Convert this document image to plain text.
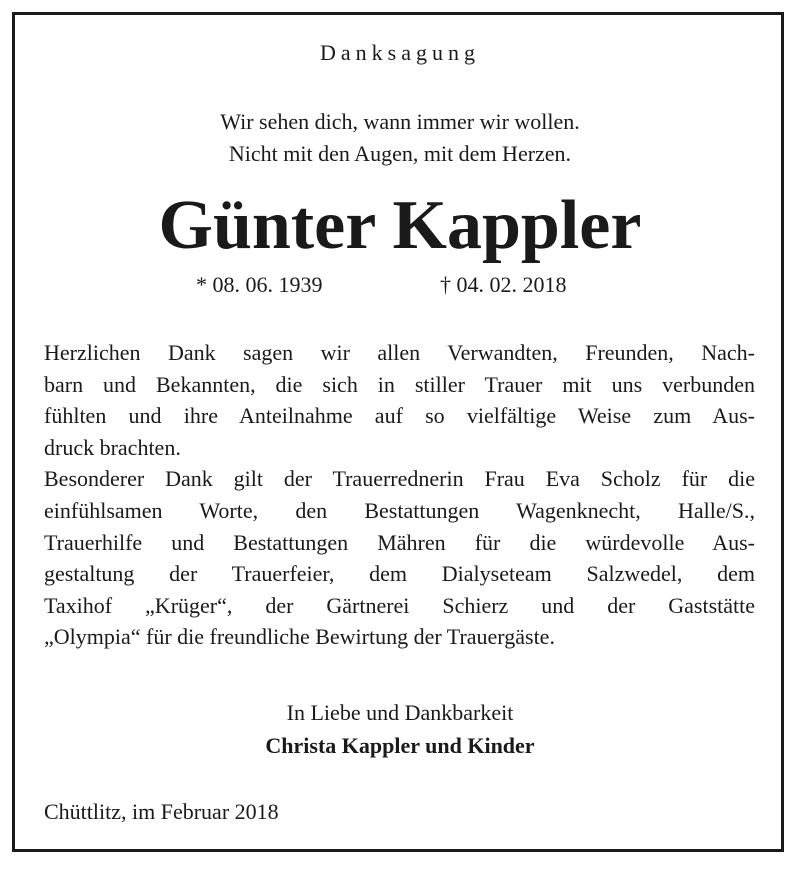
Danksagung
Wir sehen dich, wann immer wir wollen.
Nicht mit den Augen, mit dem Herzen.
Günter Kappler
* 08. 06. 1939	† 04. 02. 2018
Herzlichen Dank sagen wir allen Verwandten, Freunden, Nach-
barn und Bekannten, die sich in stiller Trauer mit uns verbunden
fühlten und ihre Anteilnahme auf so vielfältige Weise zum Aus-
druck brachten.
Besonderer Dank gilt der Trauerrednerin Frau Eva Scholz für die
einfühlsamen Worte, den Bestattungen Wagenknecht, Halle/S.,
Trauerhilfe und Bestattungen Mähren für die würdevolle Aus-
gestaltung der Trauerfeier, dem Dialyseteam Salzwedel, dem
Taxihof „Krüger“, der Gärtnerei Schierz und der Gaststätte
„Olympia“ für die freundliche Bewirtung der Trauergäste.
In Liebe und Dankbarkeit
Christa Kappler und Kinder
Chüttlitz, im Februar 2018
